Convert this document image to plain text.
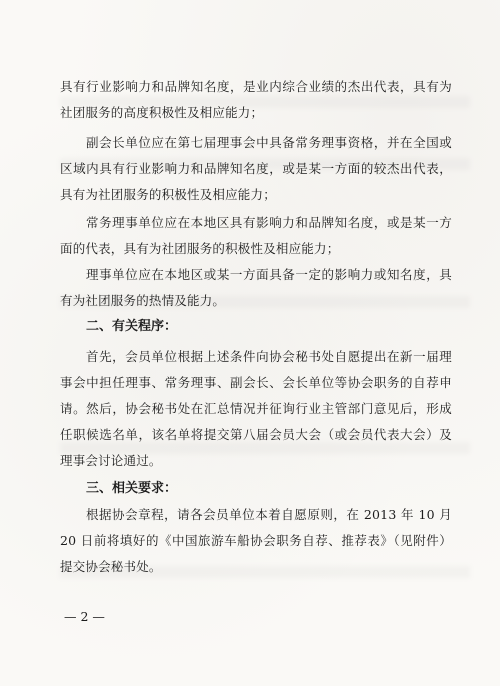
具有行业影响力和品牌知名度，是业内综合业绩的杰出代表，具有为社团服务的高度积极性及相应能力；

副会长单位应在第七届理事会中具备常务理事资格，并在全国或区域内具有行业影响力和品牌知名度，或是某一方面的较杰出代表，具有为社团服务的积极性及相应能力；

常务理事单位应在本地区具有影响力和品牌知名度，或是某一方面的代表，具有为社团服务的积极性及相应能力；

理事单位应在本地区或某一方面具备一定的影响力或知名度，具有为社团服务的热情及能力。

二、有关程序：

首先，会员单位根据上述条件向协会秘书处自愿提出在新一届理事会中担任理事、常务理事、副会长、会长单位等协会职务的自荐申请。然后，协会秘书处在汇总情况并征询行业主管部门意见后，形成任职候选名单，该名单将提交第八届会员大会（或会员代表大会）及理事会讨论通过。

三、相关要求：

根据协会章程，请各会员单位本着自愿原则，在 2013 年 10 月 20 日前将填好的《中国旅游车船协会职务自荐、推荐表》（见附件）提交协会秘书处。

— 2 —
